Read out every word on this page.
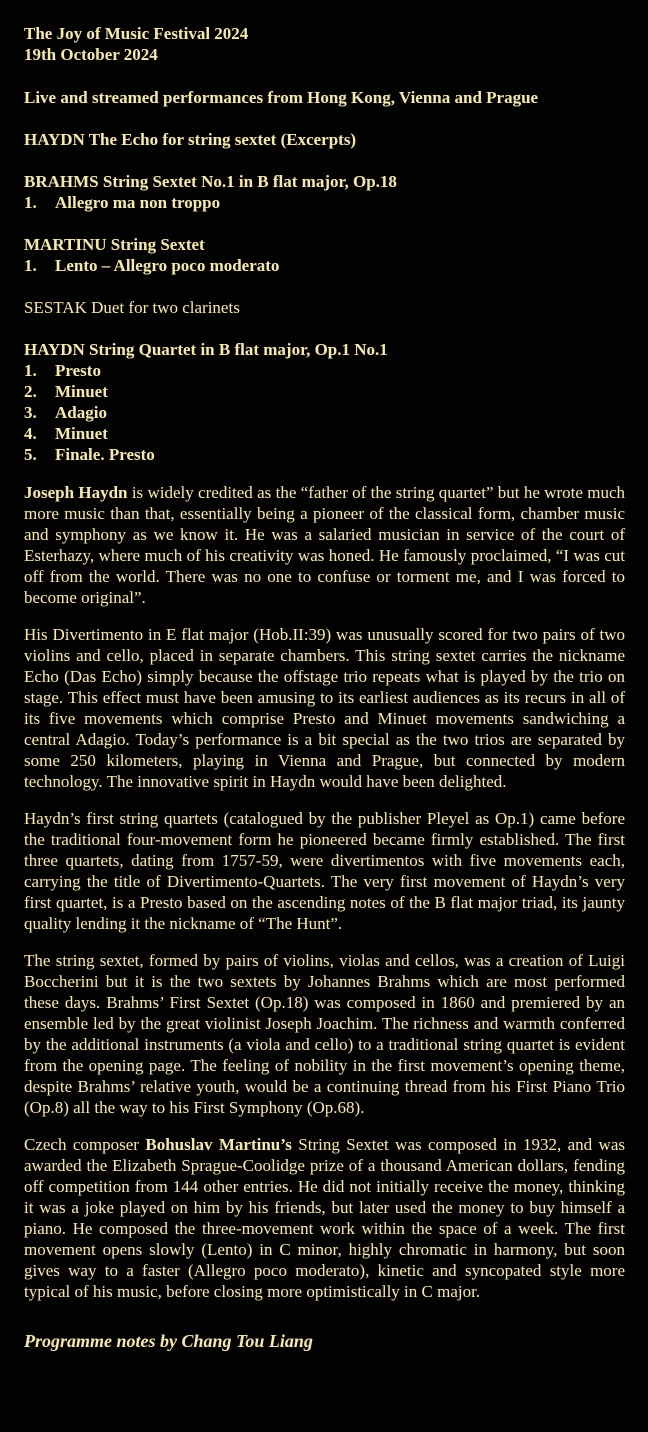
The Joy of Music Festival 2024
19th October 2024
Live and streamed performances from Hong Kong, Vienna and Prague
HAYDN The Echo for string sextet (Excerpts)
BRAHMS String Sextet No.1 in B flat major, Op.18
1. Allegro ma non troppo
MARTINU String Sextet
1. Lento – Allegro poco moderato
SESTAK Duet for two clarinets
HAYDN String Quartet in B flat major, Op.1 No.1
1. Presto
2. Minuet
3. Adagio
4. Minuet
5. Finale. Presto

Joseph Haydn is widely credited as the “father of the string quartet” but he wrote much more music than that, essentially being a pioneer of the classical form, chamber music and symphony as we know it. He was a salaried musician in service of the court of Esterhazy, where much of his creativity was honed. He famously proclaimed, “I was cut off from the world. There was no one to confuse or torment me, and I was forced to become original”.

His Divertimento in E flat major (Hob.II:39) was unusually scored for two pairs of two violins and cello, placed in separate chambers. This string sextet carries the nickname Echo (Das Echo) simply because the offstage trio repeats what is played by the trio on stage. This effect must have been amusing to its earliest audiences as its recurs in all of its five movements which comprise Presto and Minuet movements sandwiching a central Adagio. Today’s performance is a bit special as the two trios are separated by some 250 kilometers, playing in Vienna and Prague, but connected by modern technology. The innovative spirit in Haydn would have been delighted.

Haydn’s first string quartets (catalogued by the publisher Pleyel as Op.1) came before the traditional four-movement form he pioneered became firmly established. The first three quartets, dating from 1757-59, were divertimentos with five movements each, carrying the title of Divertimento-Quartets. The very first movement of Haydn’s very first quartet, is a Presto based on the ascending notes of the B flat major triad, its jaunty quality lending it the nickname of “The Hunt”.

The string sextet, formed by pairs of violins, violas and cellos, was a creation of Luigi Boccherini but it is the two sextets by Johannes Brahms which are most performed these days. Brahms’ First Sextet (Op.18) was composed in 1860 and premiered by an ensemble led by the great violinist Joseph Joachim. The richness and warmth conferred by the additional instruments (a viola and cello) to a traditional string quartet is evident from the opening page. The feeling of nobility in the first movement’s opening theme, despite Brahms’ relative youth, would be a continuing thread from his First Piano Trio (Op.8) all the way to his First Symphony (Op.68).

Czech composer Bohuslav Martinu’s String Sextet was composed in 1932, and was awarded the Elizabeth Sprague-Coolidge prize of a thousand American dollars, fending off competition from 144 other entries. He did not initially receive the money, thinking it was a joke played on him by his friends, but later used the money to buy himself a piano. He composed the three-movement work within the space of a week. The first movement opens slowly (Lento) in C minor, highly chromatic in harmony, but soon gives way to a faster (Allegro poco moderato), kinetic and syncopated style more typical of his music, before closing more optimistically in C major.

Programme notes by Chang Tou Liang
